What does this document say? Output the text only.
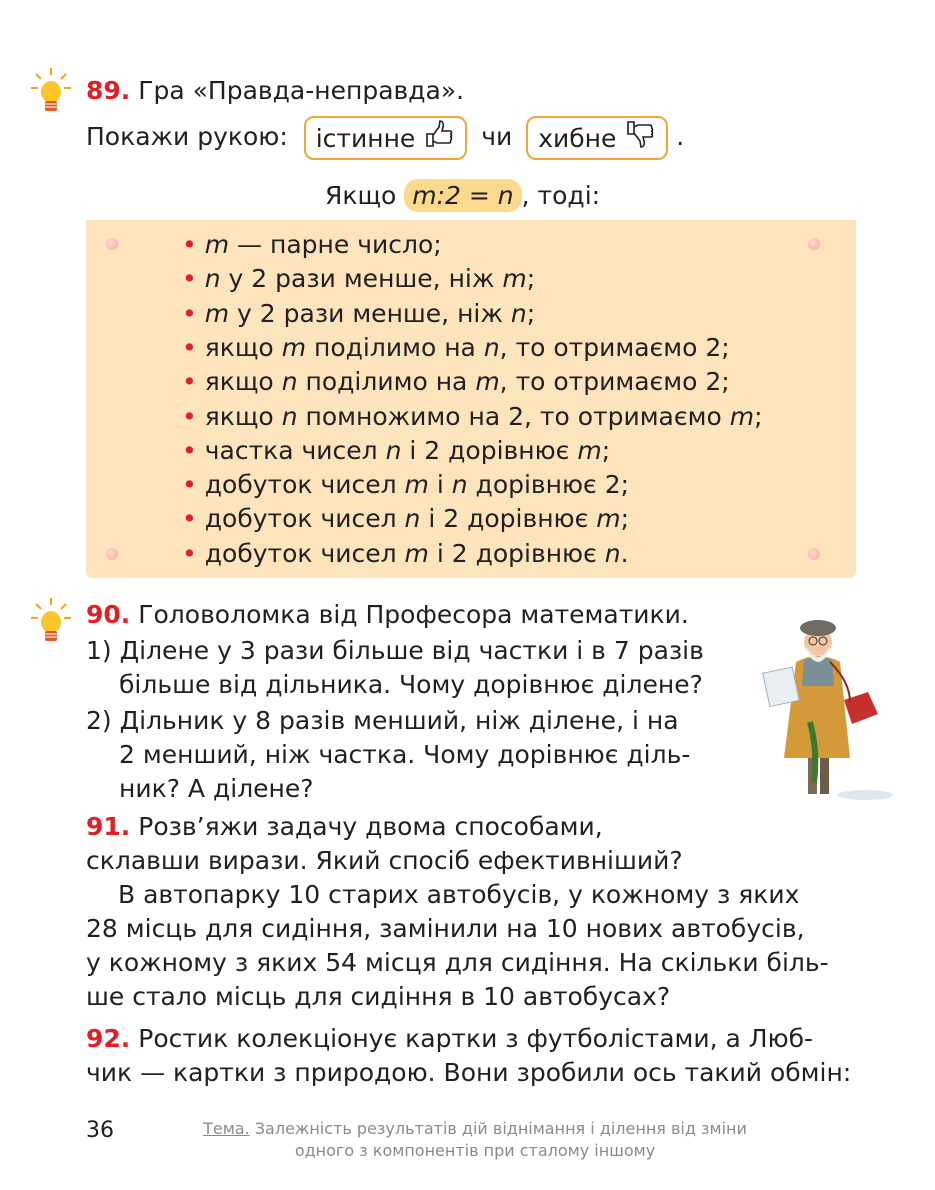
89. Гра «Правда-неправда».
Покажи рукою: істинне	чи хибне .
Якщо m:2 = n , тоді:
• m — парне число;
• n у 2 рази менше, ніж m;
• m у 2 рази менше, ніж n;
• якщо m поділимо на n, то отримаємо 2;
• якщо n поділимо на m, то отримаємо 2;
• якщо n помножимо на 2, то отримаємо m;
• частка чисел n і 2 дорівнює m;
• добуток чисел m і n дорівнює 2;
• добуток чисел n і 2 дорівнює m;
• добуток чисел m і 2 дорівнює n.
90. Головоломка від Професора математики.
1) Ділене у 3 рази більше від частки і в 7 разів
більше від дільника. Чому дорівнює ділене?
2) Дільник у 8 разів менший, ніж ділене, і на
2 менший, ніж частка. Чому дорівнює діль-
ник? А ділене?
91. Розв’яжи задачу двома способами,
склавши вирази. Який спосіб ефективніший?
В автопарку 10 старих автобусів, у кожному з яких
28 місць для сидіння, замінили на 10 нових автобусів,
у кожному з яких 54 місця для сидіння. На скільки біль-
ше стало місць для сидіння в 10 автобусах?
92. Ростик колекціонує картки з футболістами, а Люб-
чик — картки з природою. Вони зробили ось такий обмін:
36	Тема. Залежність результатів дій віднімання і ділення від зміни
одного з компонентів при сталому іншому
